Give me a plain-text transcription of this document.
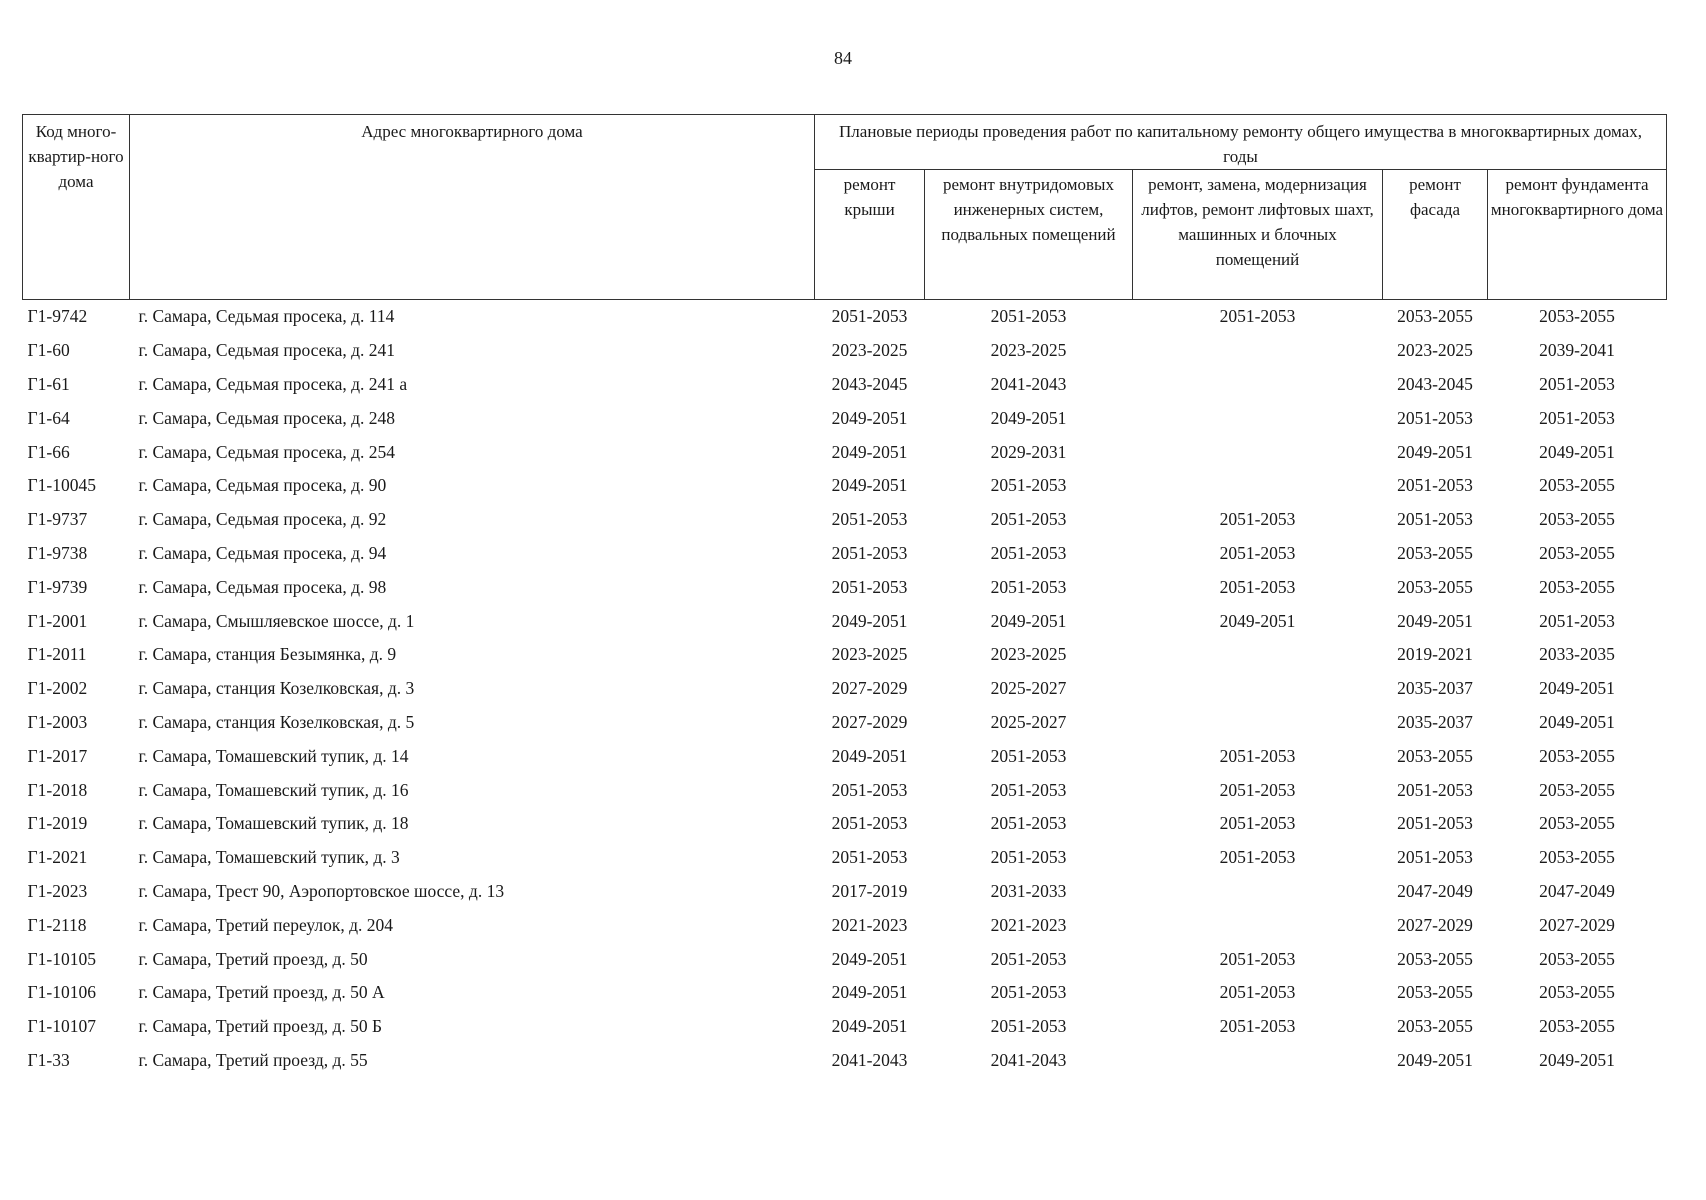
84
Код много-квартир-ного дома	Адрес многоквартирного дома	Плановые периоды проведения работ по капитальному ремонту общего имущества в многоквартирных домах, годы				
		ремонт крыши	ремонт внутридомовых инженерных систем, подвальных помещений	ремонт, замена, модернизация лифтов, ремонт лифтовых шахт, машинных и блочных помещений	ремонт фасада	ремонт фундамента многоквартирного дома
Г1-9742	г. Самара, Седьмая просека, д. 114	2051-2053	2051-2053	2051-2053	2053-2055	2053-2055
Г1-60	г. Самара, Седьмая просека, д. 241	2023-2025	2023-2025		2023-2025	2039-2041
Г1-61	г. Самара, Седьмая просека, д. 241 а	2043-2045	2041-2043		2043-2045	2051-2053
Г1-64	г. Самара, Седьмая просека, д. 248	2049-2051	2049-2051		2051-2053	2051-2053
Г1-66	г. Самара, Седьмая просека, д. 254	2049-2051	2029-2031		2049-2051	2049-2051
Г1-10045	г. Самара, Седьмая просека, д. 90	2049-2051	2051-2053		2051-2053	2053-2055
Г1-9737	г. Самара, Седьмая просека, д. 92	2051-2053	2051-2053	2051-2053	2051-2053	2053-2055
Г1-9738	г. Самара, Седьмая просека, д. 94	2051-2053	2051-2053	2051-2053	2053-2055	2053-2055
Г1-9739	г. Самара, Седьмая просека, д. 98	2051-2053	2051-2053	2051-2053	2053-2055	2053-2055
Г1-2001	г. Самара, Смышляевское шоссе, д. 1	2049-2051	2049-2051	2049-2051	2049-2051	2051-2053
Г1-2011	г. Самара, станция Безымянка, д. 9	2023-2025	2023-2025		2019-2021	2033-2035
Г1-2002	г. Самара, станция Козелковская, д. 3	2027-2029	2025-2027		2035-2037	2049-2051
Г1-2003	г. Самара, станция Козелковская, д. 5	2027-2029	2025-2027		2035-2037	2049-2051
Г1-2017	г. Самара, Томашевский тупик, д. 14	2049-2051	2051-2053	2051-2053	2053-2055	2053-2055
Г1-2018	г. Самара, Томашевский тупик, д. 16	2051-2053	2051-2053	2051-2053	2051-2053	2053-2055
Г1-2019	г. Самара, Томашевский тупик, д. 18	2051-2053	2051-2053	2051-2053	2051-2053	2053-2055
Г1-2021	г. Самара, Томашевский тупик, д. 3	2051-2053	2051-2053	2051-2053	2051-2053	2053-2055
Г1-2023	г. Самара, Трест 90, Аэропортовское шоссе, д. 13	2017-2019	2031-2033		2047-2049	2047-2049
Г1-2118	г. Самара, Третий переулок, д. 204	2021-2023	2021-2023		2027-2029	2027-2029
Г1-10105	г. Самара, Третий проезд, д. 50	2049-2051	2051-2053	2051-2053	2053-2055	2053-2055
Г1-10106	г. Самара, Третий проезд, д. 50 А	2049-2051	2051-2053	2051-2053	2053-2055	2053-2055
Г1-10107	г. Самара, Третий проезд, д. 50 Б	2049-2051	2051-2053	2051-2053	2053-2055	2053-2055
Г1-33	г. Самара, Третий проезд, д. 55	2041-2043	2041-2043		2049-2051	2049-2051
